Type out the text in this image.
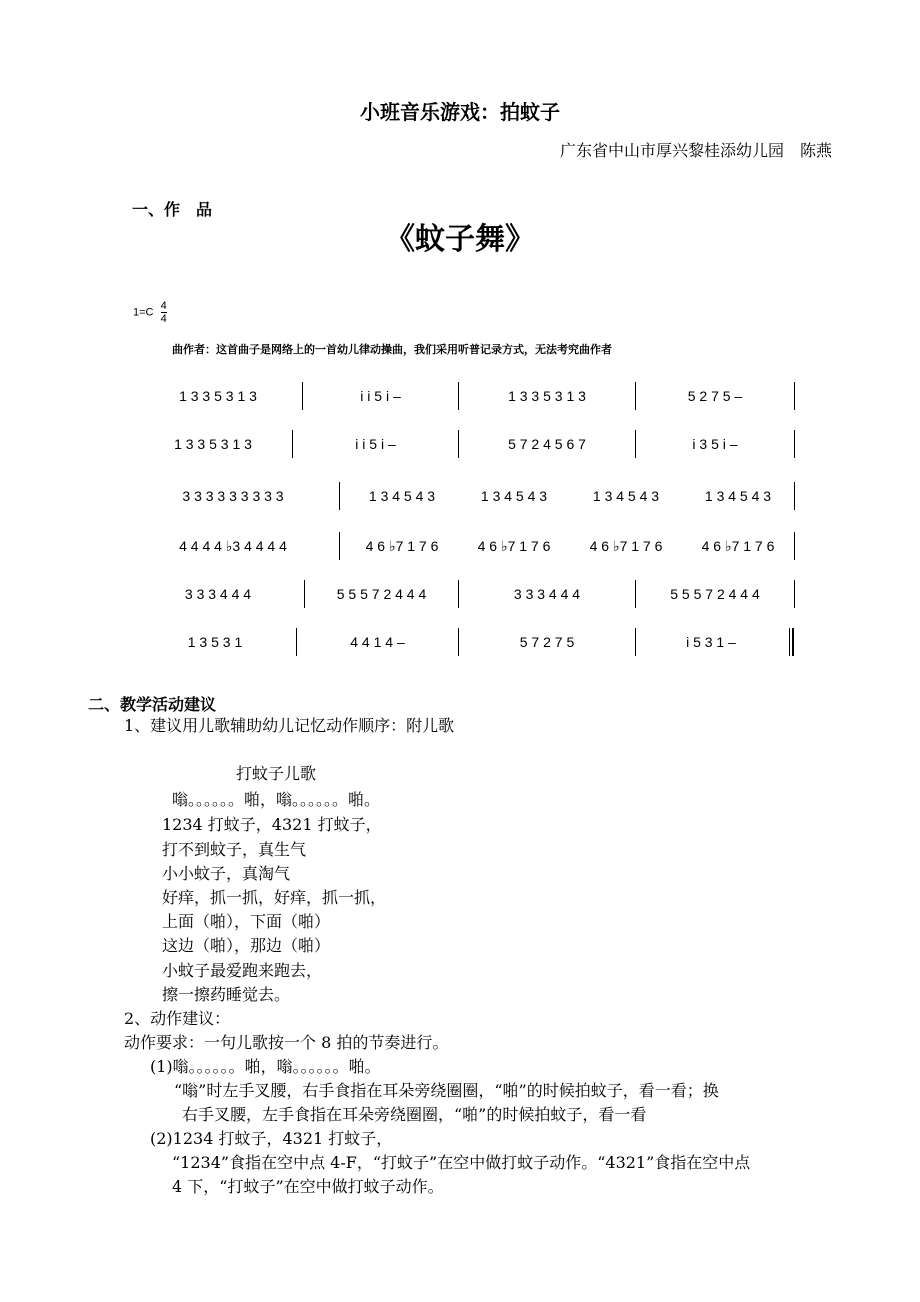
小班音乐游戏：拍蚊子
广东省中山市厚兴黎桂添幼儿园　陈燕
一、作　品
《蚊子舞》
$1=C \frac{4}{4}$
曲作者：这首曲子是网络上的一首幼儿律动操曲，我们采用听普记录方式，无法考究曲作者
1 3 3 5 3 1 3	i i 5 i –	1 3 3 5 3 1 3	5 2 7 5 –
1 3 3 5 3 1 3	i i 5 i –	5 7 2 4 5 6 7	i 3 5 i –
3 3 3 3 3 3 3 3 3	1 3 4 5 4 3	1 3 4 5 4 3	1 3 4 5 4 3	1 3 4 5 4 3
4 4 4 4 ♭3 4 4 4 4	4 6 ♭7 1 7 6	4 6 ♭7 1 7 6	4 6 ♭7 1 7 6	4 6 ♭7 1 7 6
3 3 3 4 4 4	5 5 5 7 2 4 4 4	3 3 3 4 4 4	5 5 5 7 2 4 4 4
1 3 5 3 1	4 4 1 4 –	5 7 2 7 5	i 5 3 1 –
二、教学活动建议
1、建议用儿歌辅助幼儿记忆动作顺序：附儿歌
打蚊子儿歌
嗡。。。。。。啪，嗡。。。。。。啪。
1234 打蚊子，4321 打蚊子，
打不到蚊子，真生气
小小蚊子，真淘气
好痒，抓一抓，好痒，抓一抓，
上面（啪），下面（啪）
这边（啪），那边（啪）
小蚊子最爱跑来跑去，
擦一擦药睡觉去。
2、动作建议：
动作要求：一句儿歌按一个 8 拍的节奏进行。
(1)嗡。。。。。。啪，嗡。。。。。。啪。
“嗡”时左手叉腰，右手食指在耳朵旁绕圈圈，“啪”的时候拍蚊子，看一看；换
右手叉腰，左手食指在耳朵旁绕圈圈，“啪”的时候拍蚊子，看一看
(2)1234 打蚊子，4321 打蚊子，
“1234”食指在空中点 4-F，“打蚊子”在空中做打蚊子动作。“4321”食指在空中点
4 下，“打蚊子”在空中做打蚊子动作。
